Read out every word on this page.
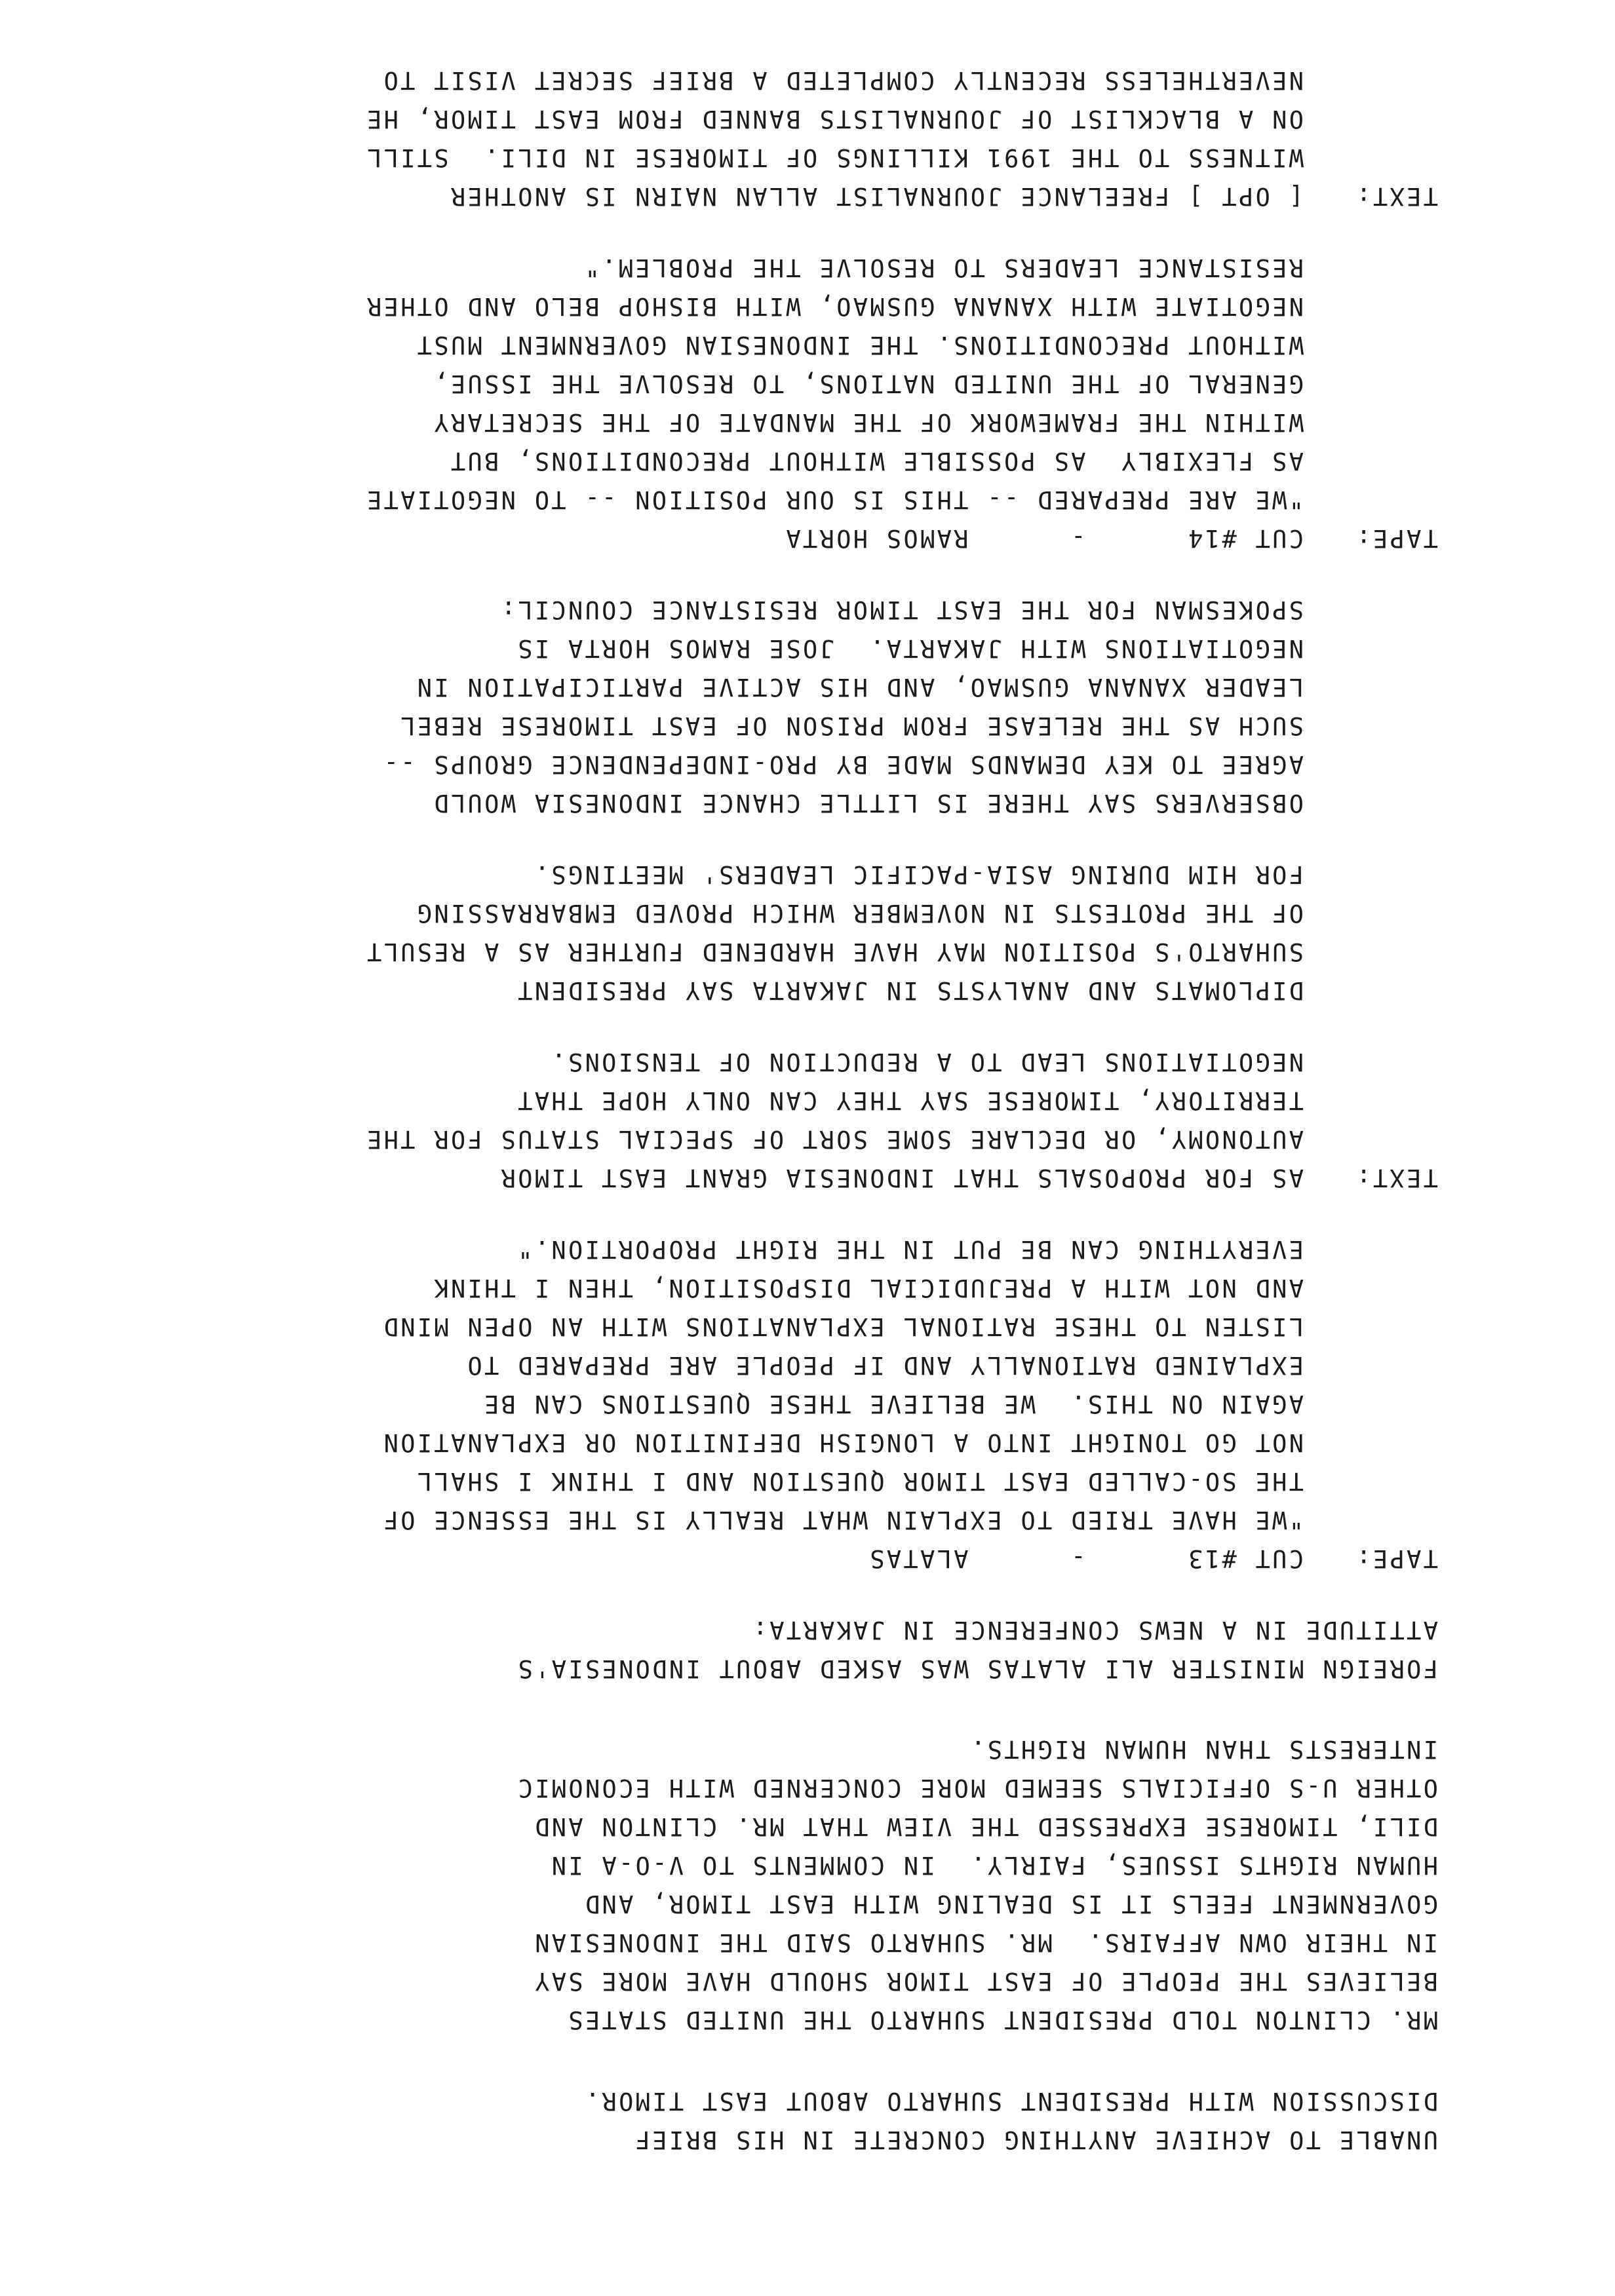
UNABLE TO ACHIEVE ANYTHING CONCRETE IN HIS BRIEF
DISCUSSION WITH PRESIDENT SUHARTO ABOUT EAST TIMOR.
MR. CLINTON TOLD PRESIDENT SUHARTO THE UNITED STATES
BELIEVES THE PEOPLE OF EAST TIMOR SHOULD HAVE MORE SAY
IN THEIR OWN AFFAIRS.  MR. SUHARTO SAID THE INDONESIAN
GOVERNMENT FEELS IT IS DEALING WITH EAST TIMOR, AND
HUMAN RIGHTS ISSUES, FAIRLY.  IN COMMENTS TO V-O-A IN
DILI, TIMORESE EXPRESSED THE VIEW THAT MR. CLINTON AND
OTHER U-S OFFICIALS SEEMED MORE CONCERNED WITH ECONOMIC
INTERESTS THAN HUMAN RIGHTS.
FOREIGN MINISTER ALI ALATAS WAS ASKED ABOUT INDONESIA'S
ATTITUDE IN A NEWS CONFERENCE IN JAKARTA:
TAPE:
CUT #13      -      ALATAS
"WE HAVE TRIED TO EXPLAIN WHAT REALLY IS THE ESSENCE OF
THE SO-CALLED EAST TIMOR QUESTION AND I THINK I SHALL
NOT GO TONIGHT INTO A LONGISH DEFINITION OR EXPLANATION
AGAIN ON THIS.  WE BELIEVE THESE QUESTIONS CAN BE
EXPLAINED RATIONALLY AND IF PEOPLE ARE PREPARED TO
LISTEN TO THESE RATIONAL EXPLANATIONS WITH AN OPEN MIND
AND NOT WITH A PREJUDICIAL DISPOSITION, THEN I THINK
EVERYTHING CAN BE PUT IN THE RIGHT PROPORTION."
TEXT:
AS FOR PROPOSALS THAT INDONESIA GRANT EAST TIMOR
AUTONOMY, OR DECLARE SOME SORT OF SPECIAL STATUS FOR THE
TERRITORY, TIMORESE SAY THEY CAN ONLY HOPE THAT
NEGOTIATIONS LEAD TO A REDUCTION OF TENSIONS.
DIPLOMATS AND ANALYSTS IN JAKARTA SAY PRESIDENT
SUHARTO'S POSITION MAY HAVE HARDENED FURTHER AS A RESULT
OF THE PROTESTS IN NOVEMBER WHICH PROVED EMBARRASSING
FOR HIM DURING ASIA-PACIFIC LEADERS' MEETINGS.
OBSERVERS SAY THERE IS LITTLE CHANCE INDONESIA WOULD
AGREE TO KEY DEMANDS MADE BY PRO-INDEPENDENCE GROUPS --
SUCH AS THE RELEASE FROM PRISON OF EAST TIMORESE REBEL
LEADER XANANA GUSMAO, AND HIS ACTIVE PARTICIPATION IN
NEGOTIATIONS WITH JAKARTA.  JOSE RAMOS HORTA IS
SPOKESMAN FOR THE EAST TIMOR RESISTANCE COUNCIL:
TAPE:
CUT #14      -      RAMOS HORTA
"WE ARE PREPARED -- THIS IS OUR POSITION -- TO NEGOTIATE
AS FLEXIBLY  AS POSSIBLE WITHOUT PRECONDITIONS, BUT
WITHIN THE FRAMEWORK OF THE MANDATE OF THE SECRETARY
GENERAL OF THE UNITED NATIONS, TO RESOLVE THE ISSUE,
WITHOUT PRECONDITIONS. THE INDONESIAN GOVERNMENT MUST
NEGOTIATE WITH XANANA GUSMAO, WITH BISHOP BELO AND OTHER
RESISTANCE LEADERS TO RESOLVE THE PROBLEM."
TEXT:
[ OPT ] FREELANCE JOURNALIST ALLAN NAIRN IS ANOTHER
WITNESS TO THE 1991 KILLINGS OF TIMORESE IN DILI.  STILL
ON A BLACKLIST OF JOURNALISTS BANNED FROM EAST TIMOR, HE
NEVERTHELESS RECENTLY COMPLETED A BRIEF SECRET VISIT TO
